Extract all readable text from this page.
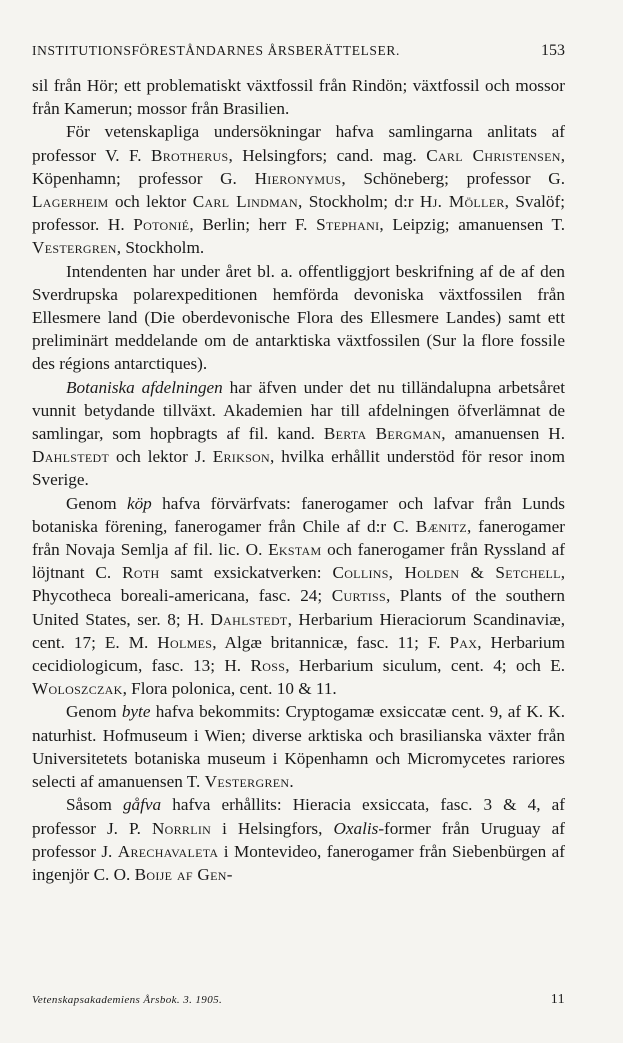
INSTITUTIONSFÖRESTÅNDARNES ÅRSBERÄTTELSER.	153

sil från Hör; ett problematiskt växtfossil från Rindön; växtfossil och mossor från Kamerun; mossor från Brasilien.

För vetenskapliga undersökningar hafva samlingarna anlitats af professor V. F. Brotherus, Helsingfors; cand. mag. Carl Christensen, Köpenhamn; professor G. Hieronymus, Schöneberg; professor G. Lagerheim och lektor Carl Lindman, Stockholm; d:r Hj. Möller, Svalöf; professor. H. Potonié, Berlin; herr F. Stephani, Leipzig; amanuensen T. Vestergren, Stockholm.

Intendenten har under året bl. a. offentliggjort beskrifning af de af den Sverdrupska polarexpeditionen hemförda devoniska växtfossilen från Ellesmere land (Die oberdevonische Flora des Ellesmere Landes) samt ett preliminärt meddelande om de antarktiska växtfossilen (Sur la flore fossile des régions antarctiques).

Botaniska afdelningen har äfven under det nu tilländalupna arbetsåret vunnit betydande tillväxt. Akademien har till afdelningen öfverlämnat de samlingar, som hopbragts af fil. kand. Berta Bergman, amanuensen H. Dahlstedt och lektor J. Erikson, hvilka erhållit understöd för resor inom Sverige.

Genom köp hafva förvärfvats: fanerogamer och lafvar från Lunds botaniska förening, fanerogamer från Chile af d:r C. Bænitz, fanerogamer från Novaja Semlja af fil. lic. O. Ekstam och fanerogamer från Ryssland af löjtnant C. Roth samt exsickatverken: Collins, Holden & Setchell, Phycotheca boreali-americana, fasc. 24; Curtiss, Plants of the southern United States, ser. 8; H. Dahlstedt, Herbarium Hieraciorum Scandinaviæ, cent. 17; E. M. Holmes, Algæ britannicæ, fasc. 11; F. Pax, Herbarium cecidiologicum, fasc. 13; H. Ross, Herbarium siculum, cent. 4; och E. Woloszczak, Flora polonica, cent. 10 & 11.

Genom byte hafva bekommits: Cryptogamæ exsiccatæ cent. 9, af K. K. naturhist. Hofmuseum i Wien; diverse arktiska och brasilianska växter från Universitetets botaniska museum i Köpenhamn och Micromycetes rariores selecti af amanuensen T. Vestergren.

Såsom gåfva hafva erhållits: Hieracia exsiccata, fasc. 3 & 4, af professor J. P. Norrlin i Helsingfors, Oxalis-former från Uruguay af professor J. Arechavaleta i Montevideo, fanerogamer från Siebenbürgen af ingenjör C. O. Boije af Gen-

Vetenskapsakademiens Årsbok. 3. 1905.	11
